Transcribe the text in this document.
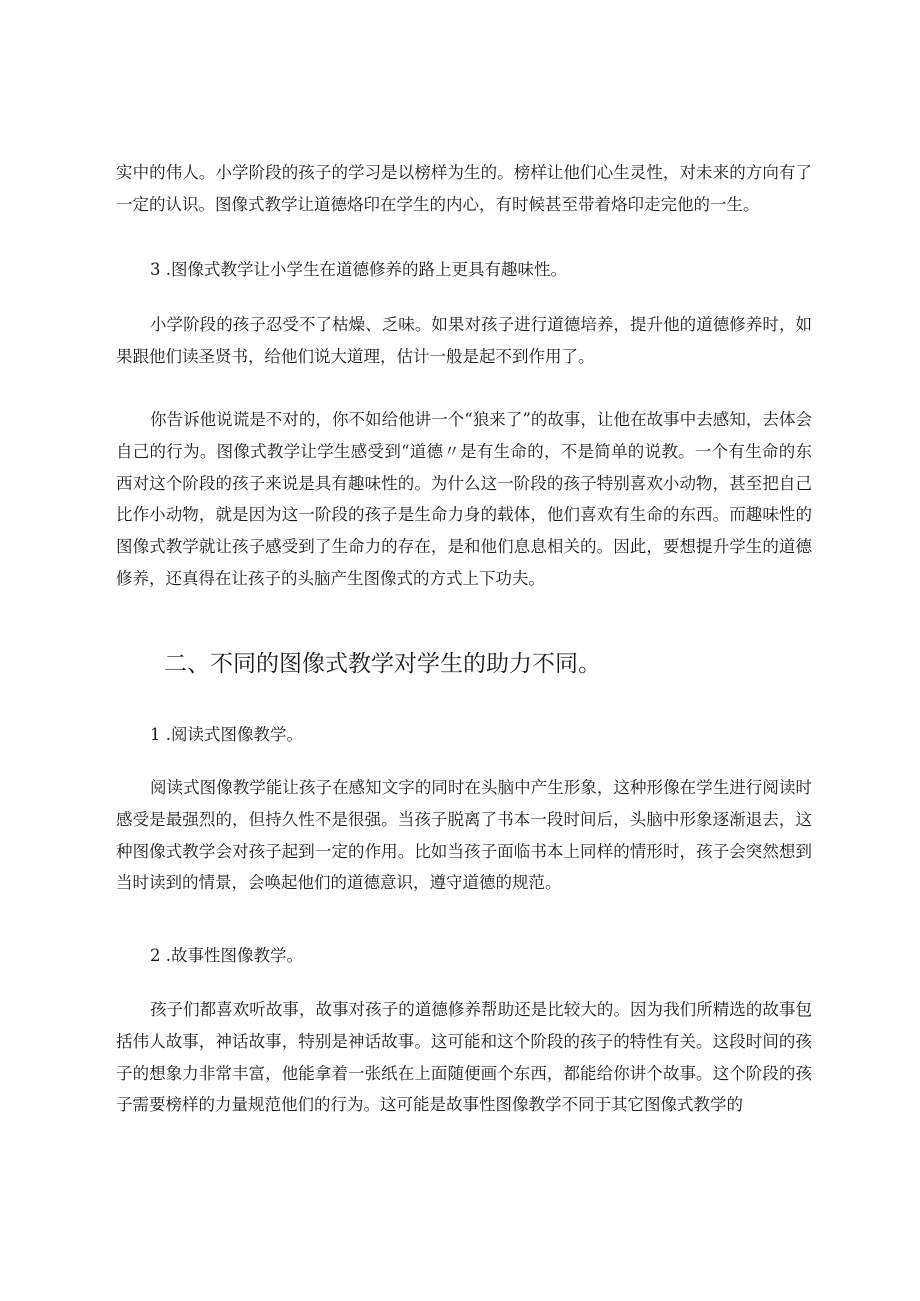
实中的伟人。小学阶段的孩子的学习是以榜样为生的。榜样让他们心生灵性，对未来的方向有了一定的认识。图像式教学让道德烙印在学生的内心，有时候甚至带着烙印走完他的一生。

3 .图像式教学让小学生在道德修养的路上更具有趣味性。

小学阶段的孩子忍受不了枯燥、乏味。如果对孩子进行道德培养，提升他的道德修养时，如果跟他们读圣贤书，给他们说大道理，估计一般是起不到作用了。

你告诉他说谎是不对的，你不如给他讲一个“狼来了”的故事，让他在故事中去感知，去体会自己的行为。图像式教学让学生感受到“道德〃是有生命的，不是简单的说教。一个有生命的东西对这个阶段的孩子来说是具有趣味性的。为什么这一阶段的孩子特别喜欢小动物，甚至把自己比作小动物，就是因为这一阶段的孩子是生命力身的载体，他们喜欢有生命的东西。而趣味性的图像式教学就让孩子感受到了生命力的存在，是和他们息息相关的。因此，要想提升学生的道德修养，还真得在让孩子的头脑产生图像式的方式上下功夫。

二、不同的图像式教学对学生的助力不同。

1 .阅读式图像教学。

阅读式图像教学能让孩子在感知文字的同时在头脑中产生形象，这种形像在学生进行阅读时感受是最强烈的，但持久性不是很强。当孩子脱离了书本一段时间后，头脑中形象逐渐退去，这种图像式教学会对孩子起到一定的作用。比如当孩子面临书本上同样的情形时，孩子会突然想到当时读到的情景，会唤起他们的道德意识，遵守道德的规范。

2 .故事性图像教学。

孩子们都喜欢听故事，故事对孩子的道德修养帮助还是比较大的。因为我们所精选的故事包括伟人故事，神话故事，特别是神话故事。这可能和这个阶段的孩子的特性有关。这段时间的孩子的想象力非常丰富，他能拿着一张纸在上面随便画个东西，都能给你讲个故事。这个阶段的孩子需要榜样的力量规范他们的行为。这可能是故事性图像教学不同于其它图像式教学的
